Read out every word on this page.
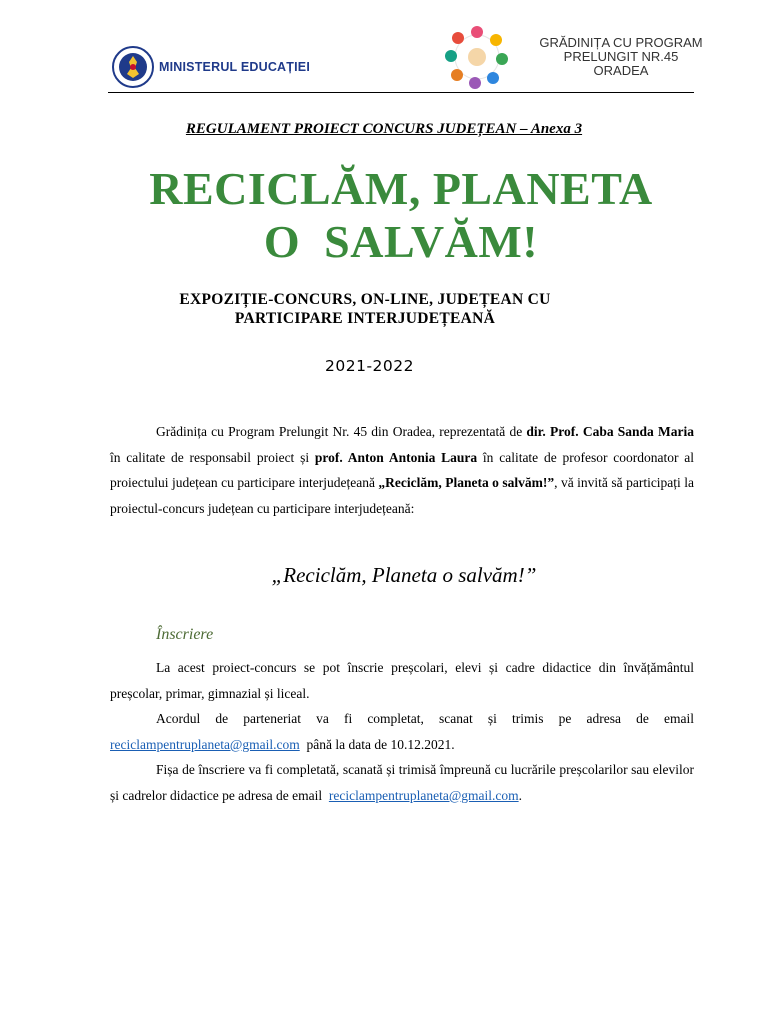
MINISTERUL EDUCAȚIEI
GRĂDINIȚA CU PROGRAM
PRELUNGIT NR.45
ORADEA
REGULAMENT PROIECT CONCURS JUDEȚEAN – Anexa 3
RECICLĂM, PLANETA
O  SALVĂM!
EXPOZIȚIE-CONCURS, ON-LINE, JUDEȚEAN CU
PARTICIPARE INTERJUDEȚEANĂ
2021-2022
Grădinița cu Program Prelungit Nr. 45 din Oradea, reprezentată de dir. Prof. Caba Sanda Maria în calitate de responsabil proiect și prof. Anton Antonia Laura în calitate de profesor coordonator al proiectului județean cu participare interjudețeană „Reciclăm, Planeta o salvăm!”, vă invită să participați la proiectul-concurs județean cu participare interjudețeană:
„Reciclăm, Planeta o salvăm!”
Înscriere
La acest proiect-concurs se pot înscrie preșcolari, elevi și cadre didactice din învățământul preșcolar, primar, gimnazial și liceal.
Acordul de parteneriat va fi completat, scanat și trimis pe adresa de email reciclampentruplaneta@gmail.com până la data de 10.12.2021.
Fișa de înscriere va fi completată, scanată și trimisă împreună cu lucrările preșcolarilor sau elevilor și cadrelor didactice pe adresa de email reciclampentruplaneta@gmail.com.
